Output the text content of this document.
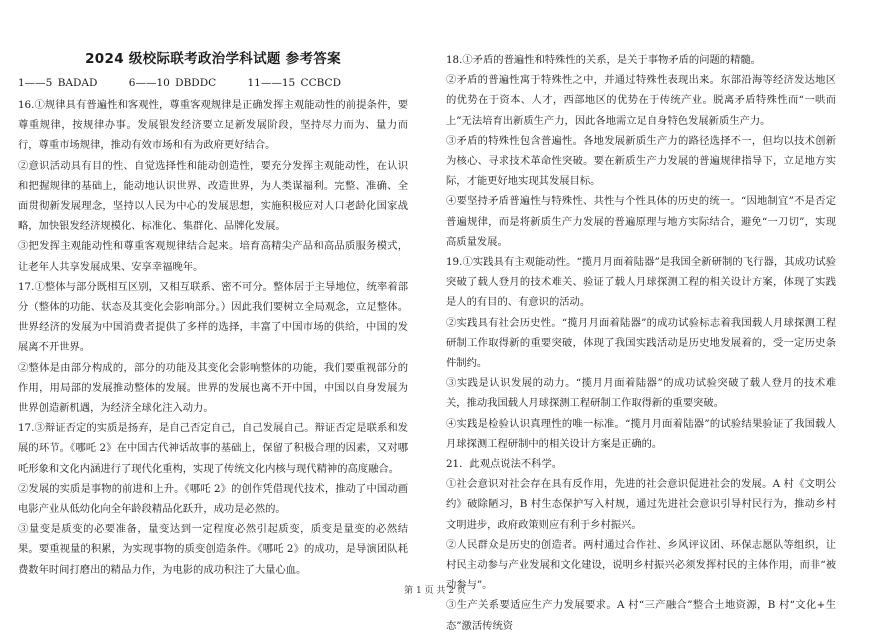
2024 级校际联考政治学科试题 参考答案
1——5 BADAD	6——10 DBDDC	11——15 CCBCD

16.①规律具有普遍性和客观性，尊重客观规律是正确发挥主观能动性的前提条件，要尊重规律，按规律办事。发展银发经济要立足新发展阶段，坚持尽力而为、量力而行，尊重市场规律，推动有效市场和有为政府更好结合。

②意识活动具有目的性、自觉选择性和能动创造性，要充分发挥主观能动性，在认识和把握规律的基础上，能动地认识世界、改造世界，为人类谋福利。完整、准确、全面贯彻新发展理念，坚持以人民为中心的发展思想，实施积极应对人口老龄化国家战略，加快银发经济规模化、标准化、集群化、品牌化发展。

③把发挥主观能动性和尊重客观规律结合起来。培育高精尖产品和高品质服务模式，让老年人共享发展成果、安享幸福晚年。

17.①整体与部分既相互区别，又相互联系、密不可分。整体居于主导地位，统率着部分（整体的功能、状态及其变化会影响部分。）因此我们要树立全局观念，立足整体。世界经济的发展为中国消费者提供了多样的选择，丰富了中国市场的供给，中国的发展离不开世界。

②整体是由部分构成的，部分的功能及其变化会影响整体的功能，我们要重视部分的作用，用局部的发展推动整体的发展。世界的发展也离不开中国，中国以自身发展为世界创造新机遇，为经济全球化注入动力。

17.③辩证否定的实质是扬弃，是自己否定自己，自己发展自己。辩证否定是联系和发展的环节。《哪吒 2》在中国古代神话故事的基础上，保留了积极合理的因素，又对哪吒形象和文化内涵进行了现代化重构，实现了传统文化内核与现代精神的高度融合。

②发展的实质是事物的前进和上升。《哪吒 2》的创作凭借现代技术，推动了中国动画电影产业从低幼化向全年龄段精品化跃升，成功是必然的。

③量变是质变的必要准备，量变达到一定程度必然引起质变，质变是量变的必然结果。要重视量的积累，为实现事物的质变创造条件。《哪吒 2》的成功，是导演团队耗费数年时间打磨出的精品力作，为电影的成功积注了大量心血。

18.①矛盾的普遍性和特殊性的关系，是关于事物矛盾的问题的精髓。

②矛盾的普遍性寓于特殊性之中，并通过特殊性表现出来。东部沿海等经济发达地区的优势在于资本、人才，西部地区的优势在于传统产业。脱离矛盾特殊性而“一哄而上”无法培育出新质生产力，因此各地需立足自身特色发展新质生产力。

③矛盾的特殊性包含普遍性。各地发展新质生产力的路径选择不一，但均以技术创新为核心、寻求技术革命性突破。要在新质生产力发展的普遍规律指导下，立足地方实际，才能更好地实现其发展目标。

④要坚持矛盾普遍性与特殊性、共性与个性具体的历史的统一。“因地制宜”不是否定普遍规律，而是将新质生产力发展的普遍原理与地方实际结合，避免“一刀切”，实现高质量发展。

19.①实践具有主观能动性。“揽月月面着陆器”是我国全新研制的飞行器，其成功试验突破了载人登月的技术难关、验证了载人月球探测工程的相关设计方案，体现了实践是人的有目的、有意识的活动。

②实践具有社会历史性。“揽月月面着陆器”的成功试验标志着我国载人月球探测工程研制工作取得新的重要突破，体现了我国实践活动是历史地发展着的，受一定历史条件制约。

③实践是认识发展的动力。“揽月月面着陆器”的成功试验突破了载人登月的技术难关，推动我国载人月球探测工程研制工作取得新的重要突破。

④实践是检验认识真理性的唯一标准。“揽月月面着陆器”的试验结果验证了我国载人月球探测工程研制中的相关设计方案是正确的。

21．此观点说法不科学。

①社会意识对社会存在具有反作用，先进的社会意识促进社会的发展。A 村《文明公约》破除陋习，B 村生态保护写入村规，通过先进社会意识引导村民行为，推动乡村文明进步，政府政策则应有利于乡村振兴。

②人民群众是历史的创造者。两村通过合作社、乡风评议团、环保志愿队等组织，让村民主动参与产业发展和文化建设，说明乡村振兴必须发挥村民的主体作用，而非“被动参与”。

③生产关系要适应生产力发展要求。A 村“三产融合”整合土地资源，B 村“文化+生态”激活传统资

第 1 页 共 2 页
